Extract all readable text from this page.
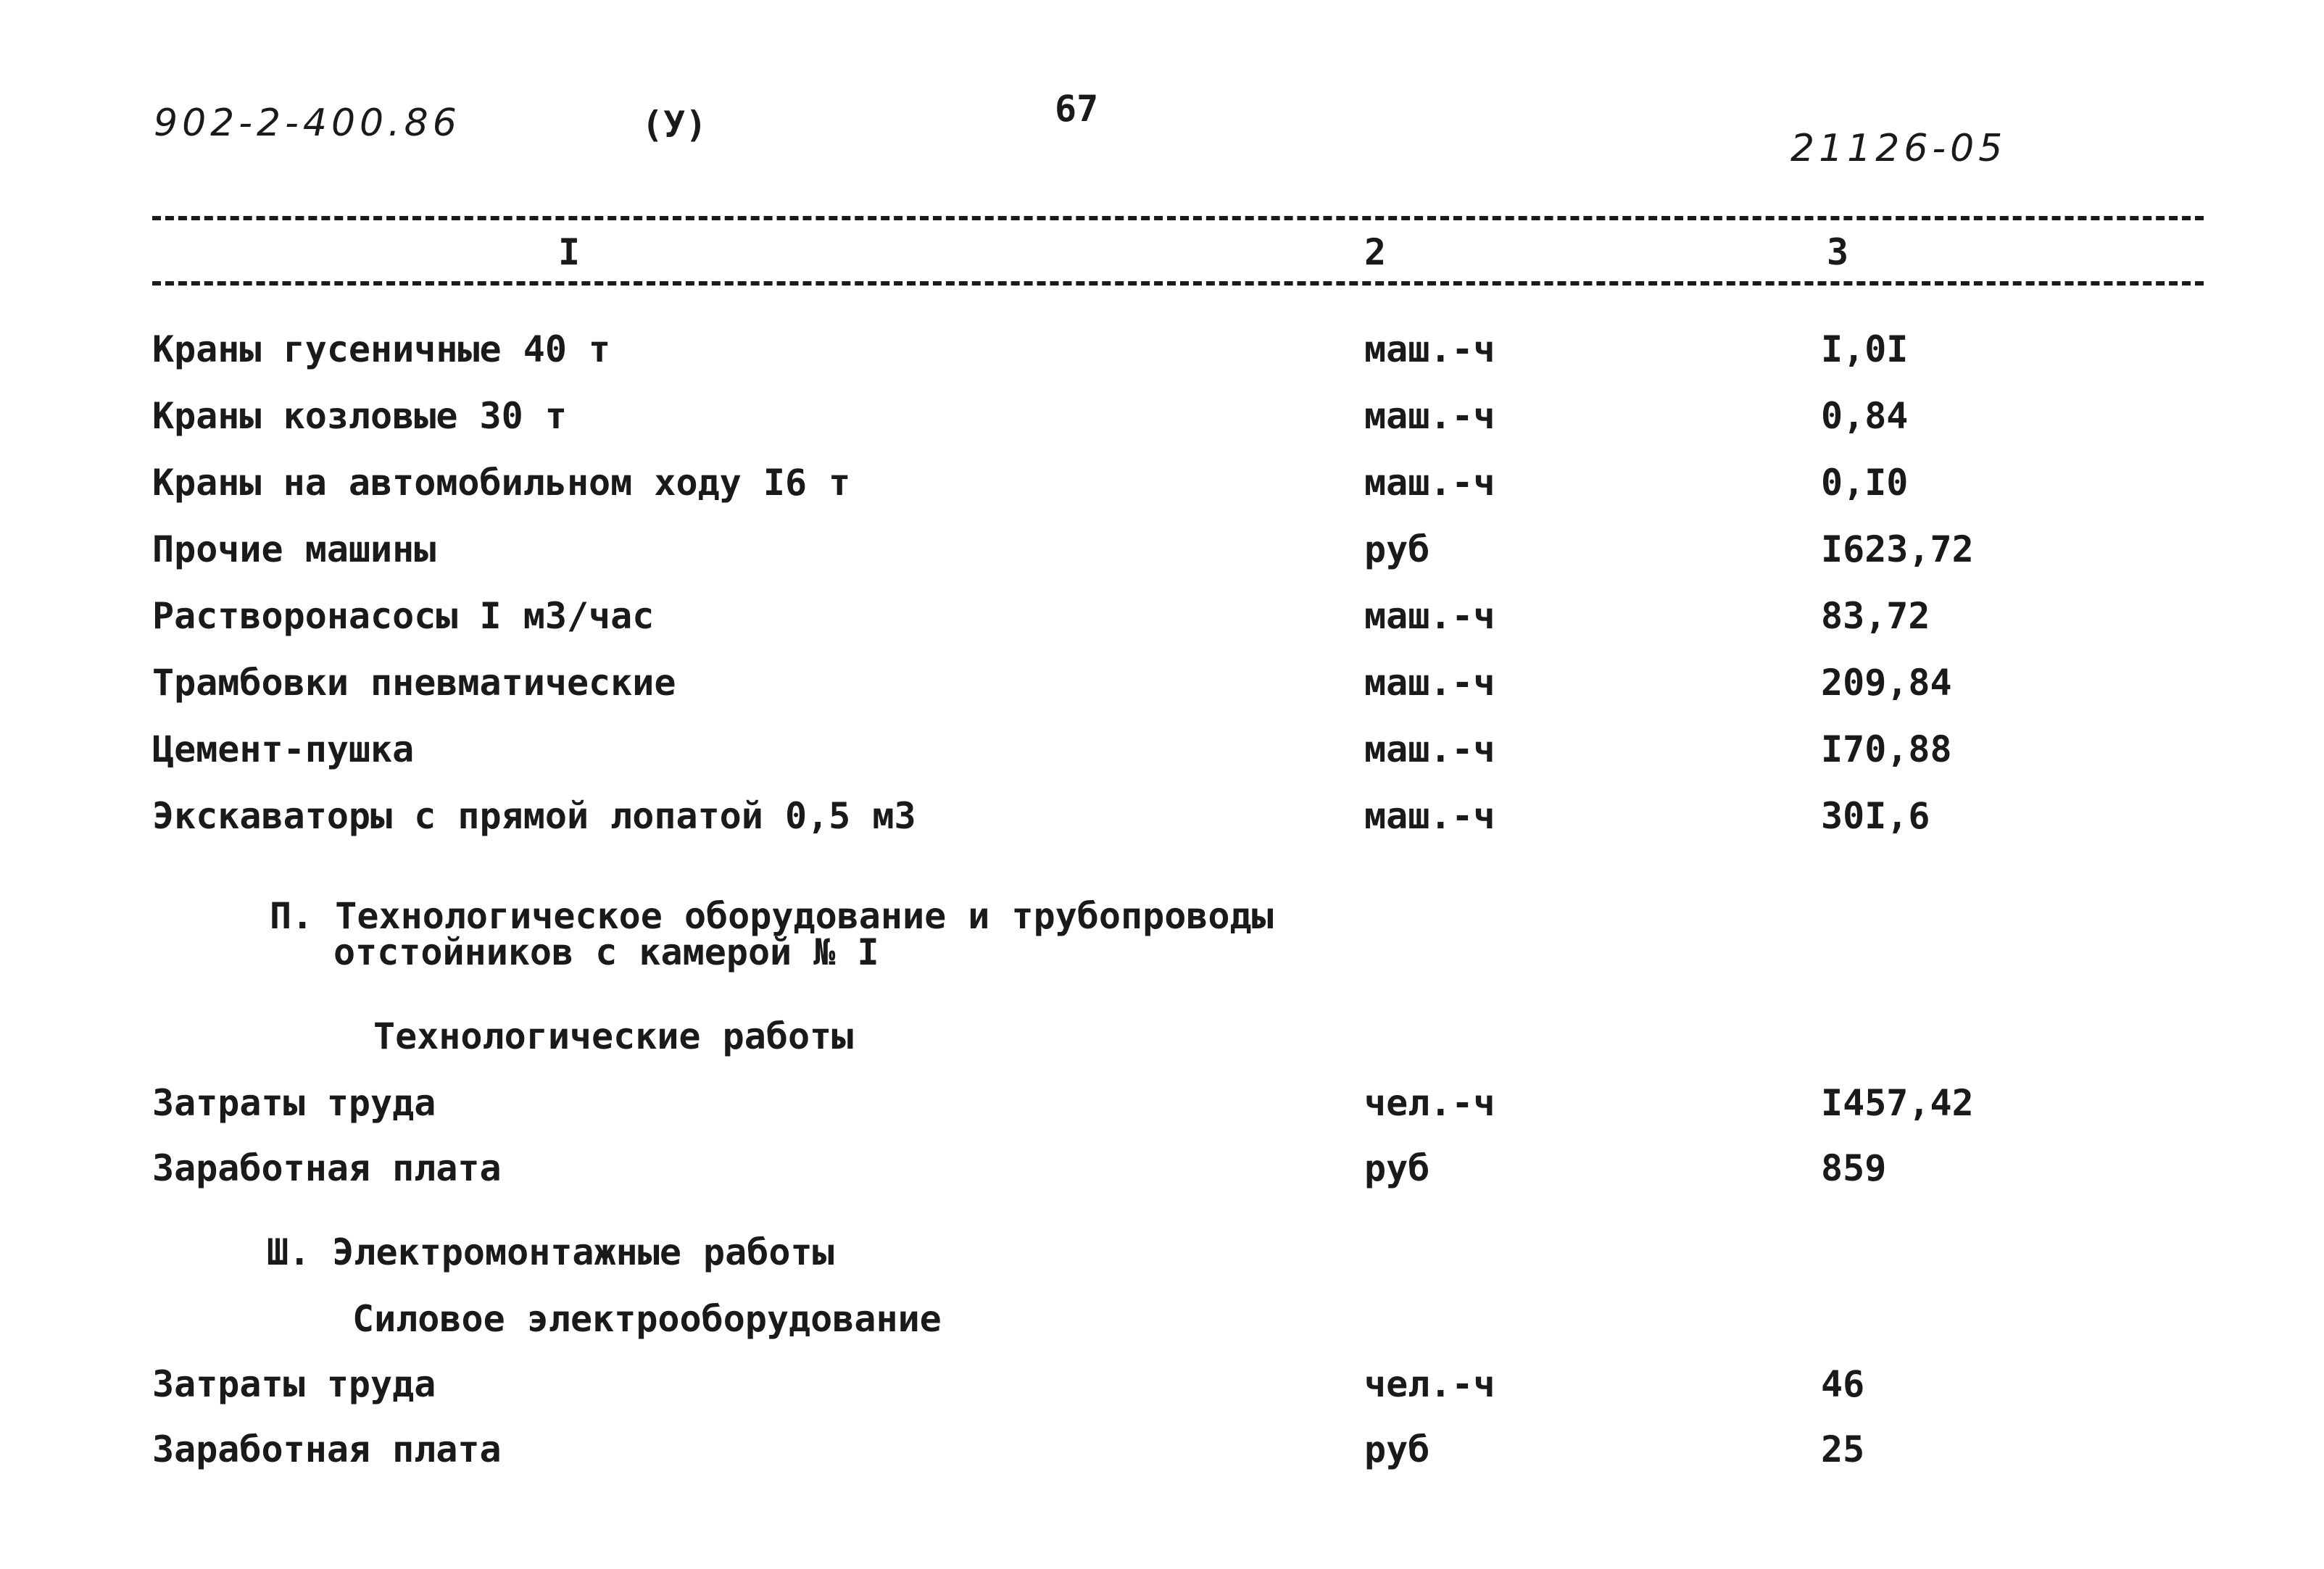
902-2-400.86	(У)	67
21126-05
I	2	3
Краны гусеничные 40 т	маш.-ч	I,0I
Краны козловые 30 т	маш.-ч	0,84
Краны на автомобильном ходу I6 т	маш.-ч	0,I0
Прочие машины	руб	I623,72
Растворонасосы I м3/час	маш.-ч	83,72
Трамбовки пневматические	маш.-ч	209,84
Цемент-пушка	маш.-ч	I70,88
Экскаваторы с прямой лопатой 0,5 м3	маш.-ч	30I,6
П. Технологическое оборудование и трубопроводы
отстойников с камерой № I
Технологические работы
Затраты труда	чел.-ч	I457,42
Заработная плата	руб	859
Ш. Электромонтажные работы
Силовое электрооборудование
Затраты труда	чел.-ч	46
Заработная плата	руб	25
